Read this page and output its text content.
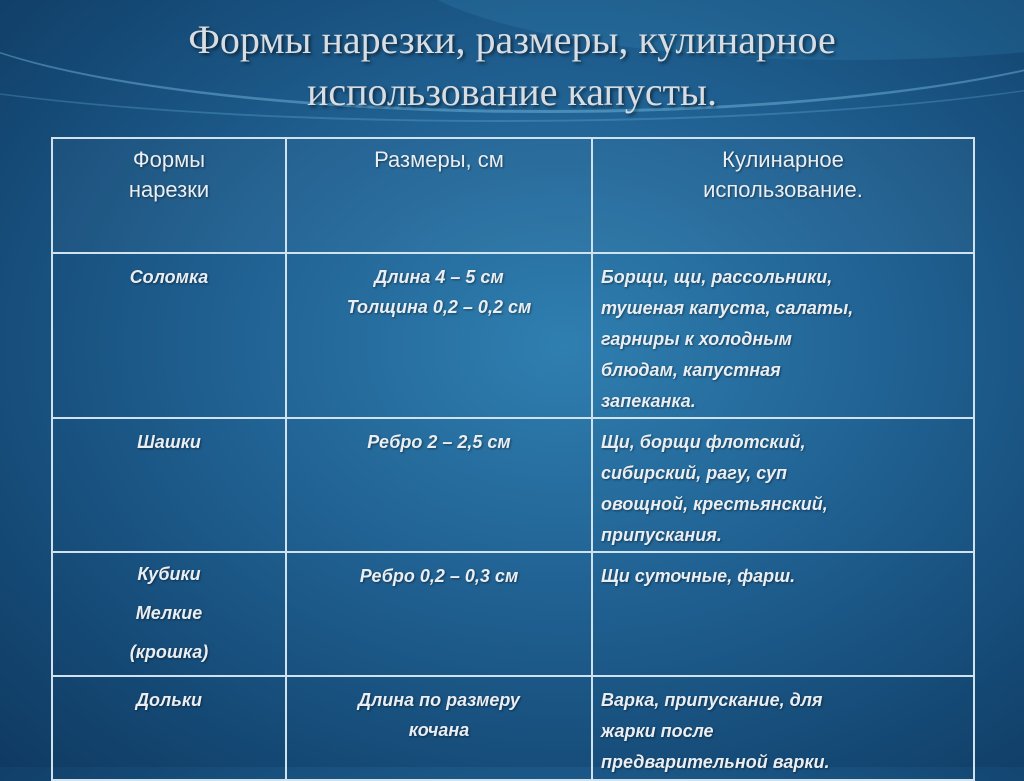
Формы нарезки, размеры, кулинарное
использование капусты.
Формы
нарезки	Размеры, см	Кулинарное
использование.

Соломка	Длина 4 – 5 см
Толщина 0,2 – 0,2 см	Борщи, щи, рассольники,
тушеная капуста, салаты,
гарниры к холодным
блюдам, капустная
запеканка.

Шашки	Ребро 2 – 2,5 см	Щи, борщи флотский,
сибирский, рагу, суп
овощной, крестьянский,
припускания.

Кубики
Мелкие
(крошка)	Ребро 0,2 – 0,3 см	Щи суточные, фарш.

Дольки	Длина по размеру
кочана	Варка, припускание, для
жарки после
предварительной варки.
